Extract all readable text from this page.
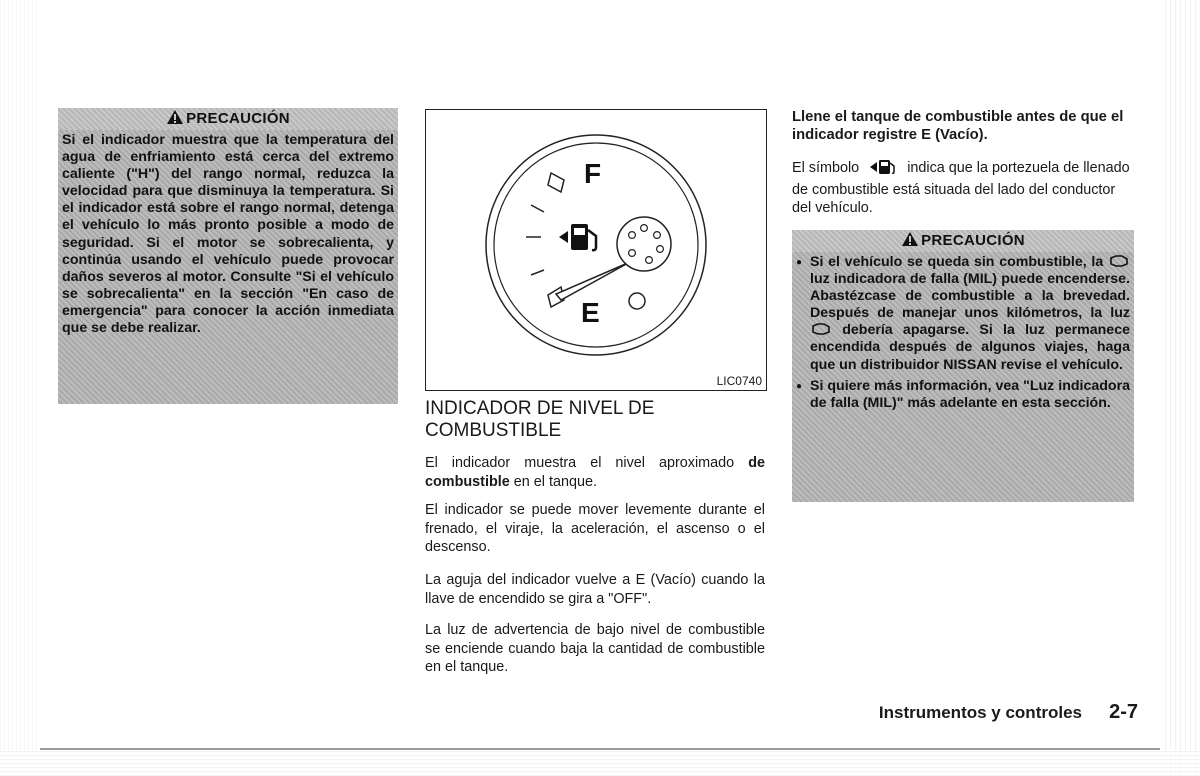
PRECAUCIÓN
Si el indicador muestra que la temperatura del agua de enfriamiento está cerca del extremo caliente ("H") del rango normal, reduzca la velocidad para que disminuya la temperatura. Si el indicador está sobre el rango normal, detenga el vehículo lo más pronto posible a modo de seguridad. Si el motor se sobrecalienta, y continúa usando el vehículo puede provocar daños severos al motor. Consulte "Si el vehículo se sobrecalienta" en la sección "En caso de emergencia" para conocer la acción inmediata que se debe realizar.
F
E
LIC0740
INDICADOR DE NIVEL DE COMBUSTIBLE

El indicador muestra el nivel aproximado de combustible en el tanque.

El indicador se puede mover levemente durante el frenado, el viraje, la aceleración, el ascenso o el descenso.

La aguja del indicador vuelve a E (Vacío) cuando la llave de encendido se gira a "OFF".

La luz de advertencia de bajo nivel de combustible se enciende cuando baja la cantidad de combustible en el tanque.

Llene el tanque de combustible antes de que el indicador registre E (Vacío).

El símbolo	indica que la portezuela de llenado de combustible está situada del lado del conductor del vehículo.

PRECAUCIÓN
● Si el vehículo se queda sin combustible, la  luz indicadora de falla (MIL) puede encenderse. Abastézcase de combustible a la brevedad. Después de manejar unos kilómetros, la luz  debería apagarse. Si la luz permanece encendida después de algunos viajes, haga que un distribuidor NISSAN revise el vehículo.
● Si quiere más información, vea "Luz indicadora de falla (MIL)" más adelante en esta sección.
Instrumentos y controles 2-7
